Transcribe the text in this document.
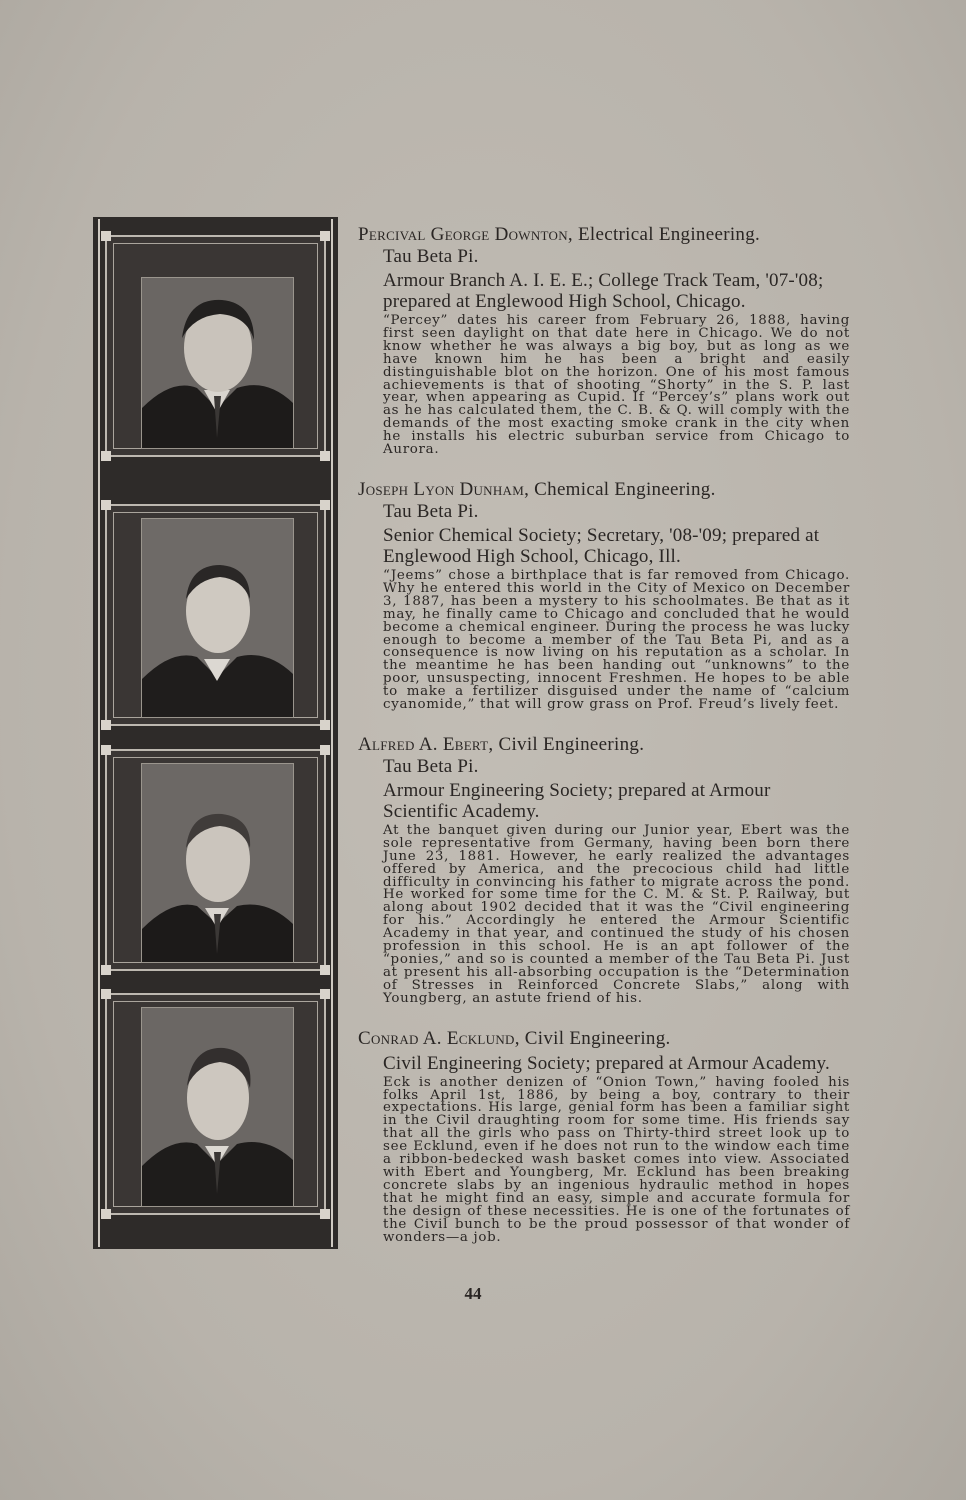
Percival George Downton, Electrical Engineering.
Tau Beta Pi.
Armour Branch A. I. E. E.; College Track Team, '07-'08; prepared at Englewood High School, Chicago.
“Percey” dates his career from February 26, 1888, having first seen daylight on that date here in Chicago. We do not know whether he was always a big boy, but as long as we have known him he has been a bright and easily distinguishable blot on the horizon. One of his most famous achievements is that of shooting “Shorty” in the S. P. last year, when appearing as Cupid. If “Percey’s” plans work out as he has calculated them, the C. B. & Q. will comply with the demands of the most exacting smoke crank in the city when he installs his electric suburban service from Chicago to Aurora.
Joseph Lyon Dunham, Chemical Engineering.
Tau Beta Pi.
Senior Chemical Society; Secretary, '08-'09; prepared at Englewood High School, Chicago, Ill.
“Jeems” chose a birthplace that is far removed from Chicago. Why he entered this world in the City of Mexico on December 3, 1887, has been a mystery to his schoolmates. Be that as it may, he finally came to Chicago and concluded that he would become a chemical engineer. During the process he was lucky enough to become a member of the Tau Beta Pi, and as a consequence is now living on his reputation as a scholar. In the meantime he has been handing out “unknowns” to the poor, unsuspecting, innocent Freshmen. He hopes to be able to make a fertilizer disguised under the name of “calcium cyanomide,” that will grow grass on Prof. Freud’s lively feet.
Alfred A. Ebert, Civil Engineering.
Tau Beta Pi.
Armour Engineering Society; prepared at Armour Scientific Academy.
At the banquet given during our Junior year, Ebert was the sole representative from Germany, having been born there June 23, 1881. However, he early realized the advantages offered by America, and the precocious child had little difficulty in convincing his father to migrate across the pond. He worked for some time for the C. M. & St. P. Railway, but along about 1902 decided that it was the “Civil engineering for his.” Accordingly he entered the Armour Scientific Academy in that year, and continued the study of his chosen profession in this school. He is an apt follower of the “ponies,” and so is counted a member of the Tau Beta Pi. Just at present his all-absorbing occupation is the “Determination of Stresses in Reinforced Concrete Slabs,” along with Youngberg, an astute friend of his.
Conrad A. Ecklund, Civil Engineering.
Civil Engineering Society; prepared at Armour Academy.
Eck is another denizen of “Onion Town,” having fooled his folks April 1st, 1886, by being a boy, contrary to their expectations. His large, genial form has been a familiar sight in the Civil draughting room for some time. His friends say that all the girls who pass on Thirty-third street look up to see Ecklund, even if he does not run to the window each time a ribbon-bedecked wash basket comes into view. Associated with Ebert and Youngberg, Mr. Ecklund has been breaking concrete slabs by an ingenious hydraulic method in hopes that he might find an easy, simple and accurate formula for the design of these necessities. He is one of the fortunates of the Civil bunch to be the proud possessor of that wonder of wonders—a job.
44
